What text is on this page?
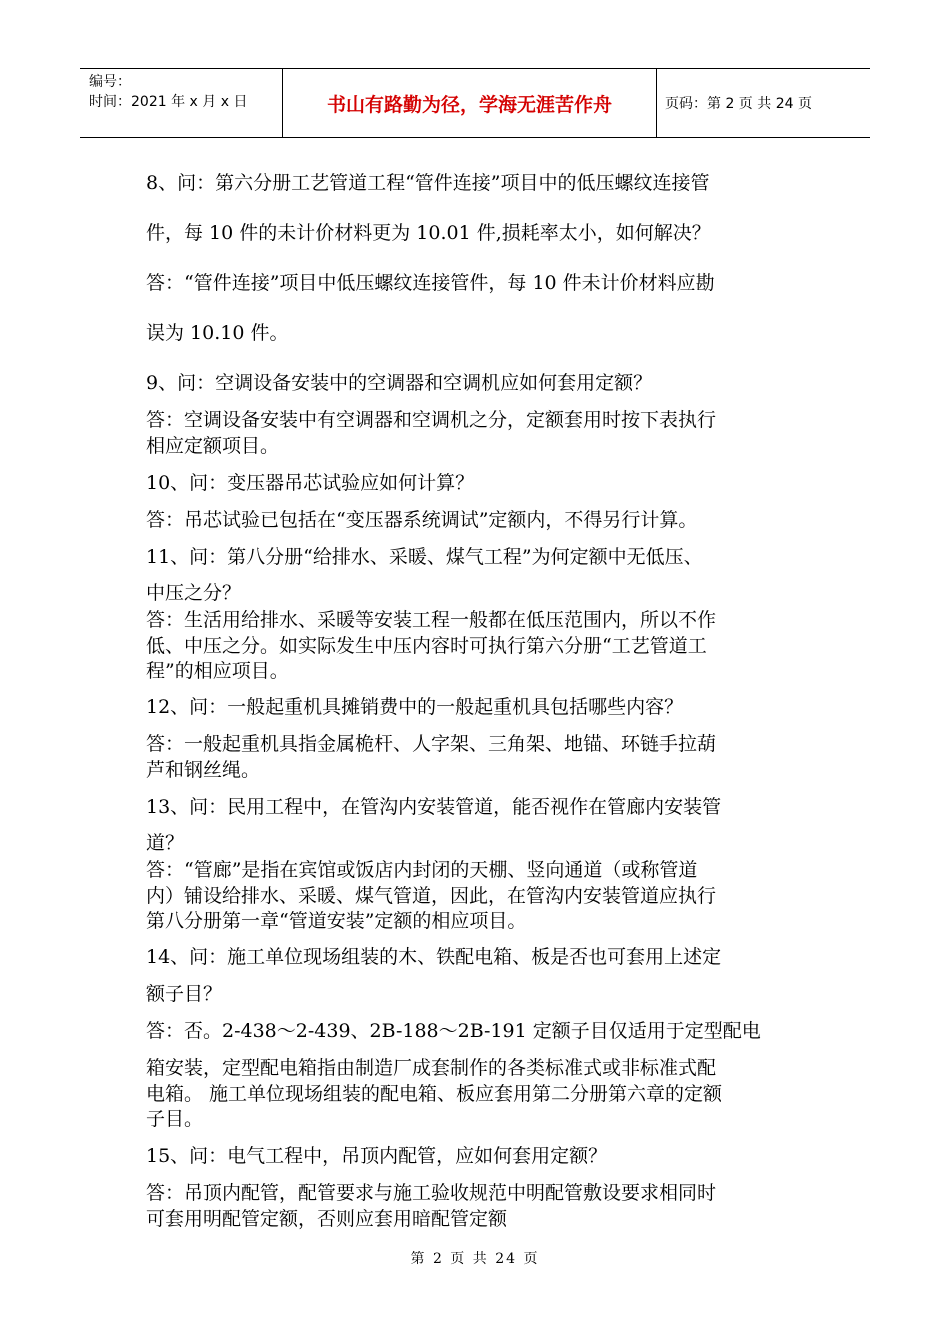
编号：
时间：2021 年 x 月 x 日	书山有路勤为径，学海无涯苦作舟	页码：第 2 页 共 24 页
8、问：第六分册工艺管道工程“管件连接”项目中的低压螺纹连接管
件，每 10 件的未计价材料更为 10.01 件,损耗率太小，如何解决？
答：“管件连接”项目中低压螺纹连接管件，每 10 件未计价材料应勘
误为 10.10 件。
9、问：空调设备安装中的空调器和空调机应如何套用定额？
答：空调设备安装中有空调器和空调机之分，定额套用时按下表执行
相应定额项目。
10、问：变压器吊芯试验应如何计算？
答：吊芯试验已包括在“变压器系统调试”定额内，不得另行计算。
11、问：第八分册“给排水、采暖、煤气工程”为何定额中无低压、
中压之分？
答：生活用给排水、采暖等安装工程一般都在低压范围内，所以不作
低、中压之分。如实际发生中压内容时可执行第六分册“工艺管道工
程”的相应项目。
12、问：一般起重机具摊销费中的一般起重机具包括哪些内容？
答：一般起重机具指金属桅杆、人字架、三角架、地锚、环链手拉葫
芦和钢丝绳。
13、问：民用工程中，在管沟内安装管道，能否视作在管廊内安装管
道？
答：“管廊”是指在宾馆或饭店内封闭的天棚、竖向通道（或称管道
内）铺设给排水、采暖、煤气管道，因此，在管沟内安装管道应执行
第八分册第一章“管道安装”定额的相应项目。
14、问：施工单位现场组装的木、铁配电箱、板是否也可套用上述定
额子目？
答：否。2-438～2-439、2B-188～2B-191 定额子目仅适用于定型配电
箱安装，定型配电箱指由制造厂成套制作的各类标准式或非标准式配
电箱。 施工单位现场组装的配电箱、板应套用第二分册第六章的定额
子目。
15、问：电气工程中，吊顶内配管，应如何套用定额？
答：吊顶内配管，配管要求与施工验收规范中明配管敷设要求相同时
可套用明配管定额，否则应套用暗配管定额
第 2 页 共 24 页
